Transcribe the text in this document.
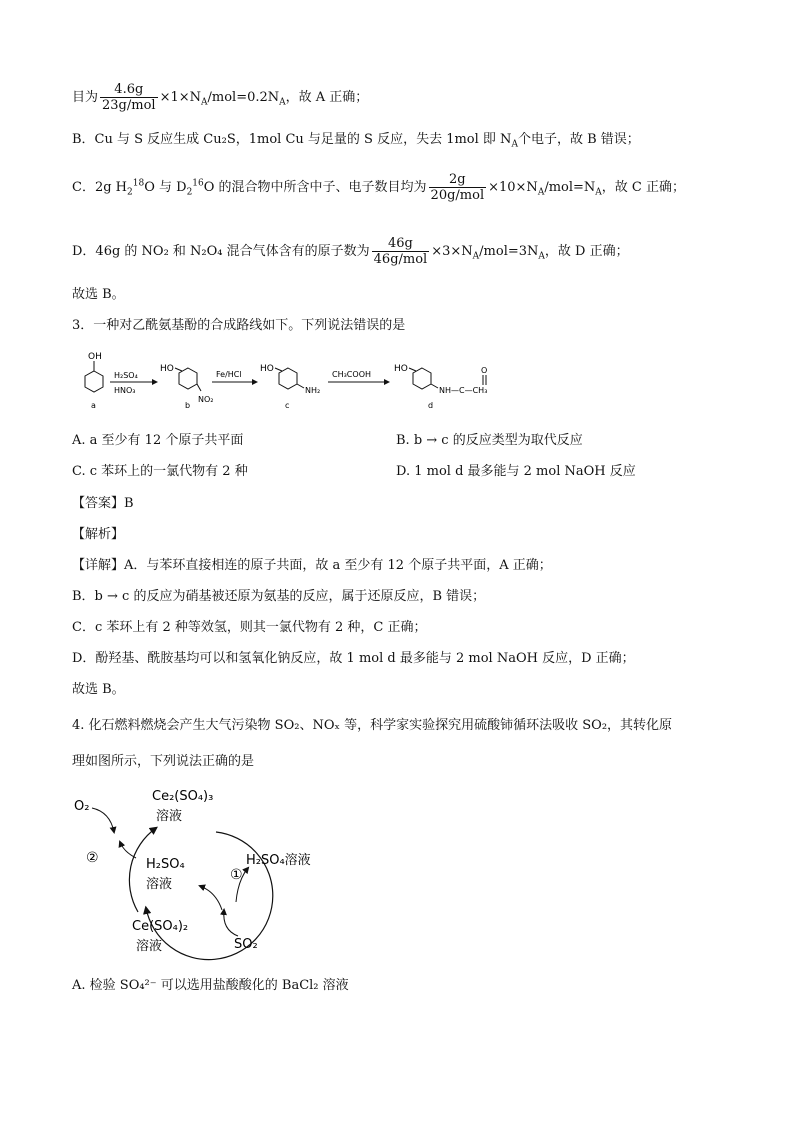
目为 $\frac{4.6g}{\text{23g/mol}} \times 1\times N_A/mol=0.2N_A$，故 A 正确；
B．Cu 与 S 反应生成 Cu₂S，1mol Cu 与足量的 S 反应，失去 1mol 即 $N_A$个电子，故 B 错误；
C．2g $H_2^{18}O$ 与 $D_2^{16}O$ 的混合物中所含中子、电子数目均为 $\frac{2g}{\text{20g/mol}} \times 10\times N_A/mol=N_A$，故 C 正确；
D．46g 的 NO₂ 和 N₂O₄ 混合气体含有的原子数为 $\frac{46g}{\text{46g/mol}} \times 3\times N_A/mol=3N_A$，故 D 正确；
故选 B。
3．一种对乙酰氨基酚的合成路线如下。下列说法错误的是
OH
a
H₂SO₄
HNO₃
HO
NO₂
b
Fe/HCl
HO
NH₂
c
CH₃COOH
HO
NH—C—CH₃
O
d
A. a 至少有 12 个原子共平面	B. b → c 的反应类型为取代反应
C. c 苯环上的一氯代物有 2 种	D. 1 mol d 最多能与 2 mol NaOH 反应
【答案】B
【解析】
【详解】A．与苯环直接相连的原子共面，故 a 至少有 12 个原子共平面，A 正确；
B．b → c 的反应为硝基被还原为氨基的反应，属于还原反应，B 错误；
C．c 苯环上有 2 种等效氢，则其一氯代物有 2 种，C 正确；
D．酚羟基、酰胺基均可以和氢氧化钠反应，故 1 mol d 最多能与 2 mol NaOH 反应，D 正确；
故选 B。
4. 化石燃料燃烧会产生大气污染物 SO₂、NOₓ 等，科学家实验探究用硫酸铈循环法吸收 SO₂，其转化原
理如图所示，下列说法正确的是
O₂
H₂SO₄
溶液
Ce₂(SO₄)₃
溶液
②	H₂SO₄溶液
①
SO₂
Ce(SO₄)₂
溶液
A. 检验 SO₄²⁻ 可以选用盐酸酸化的 BaCl₂ 溶液
